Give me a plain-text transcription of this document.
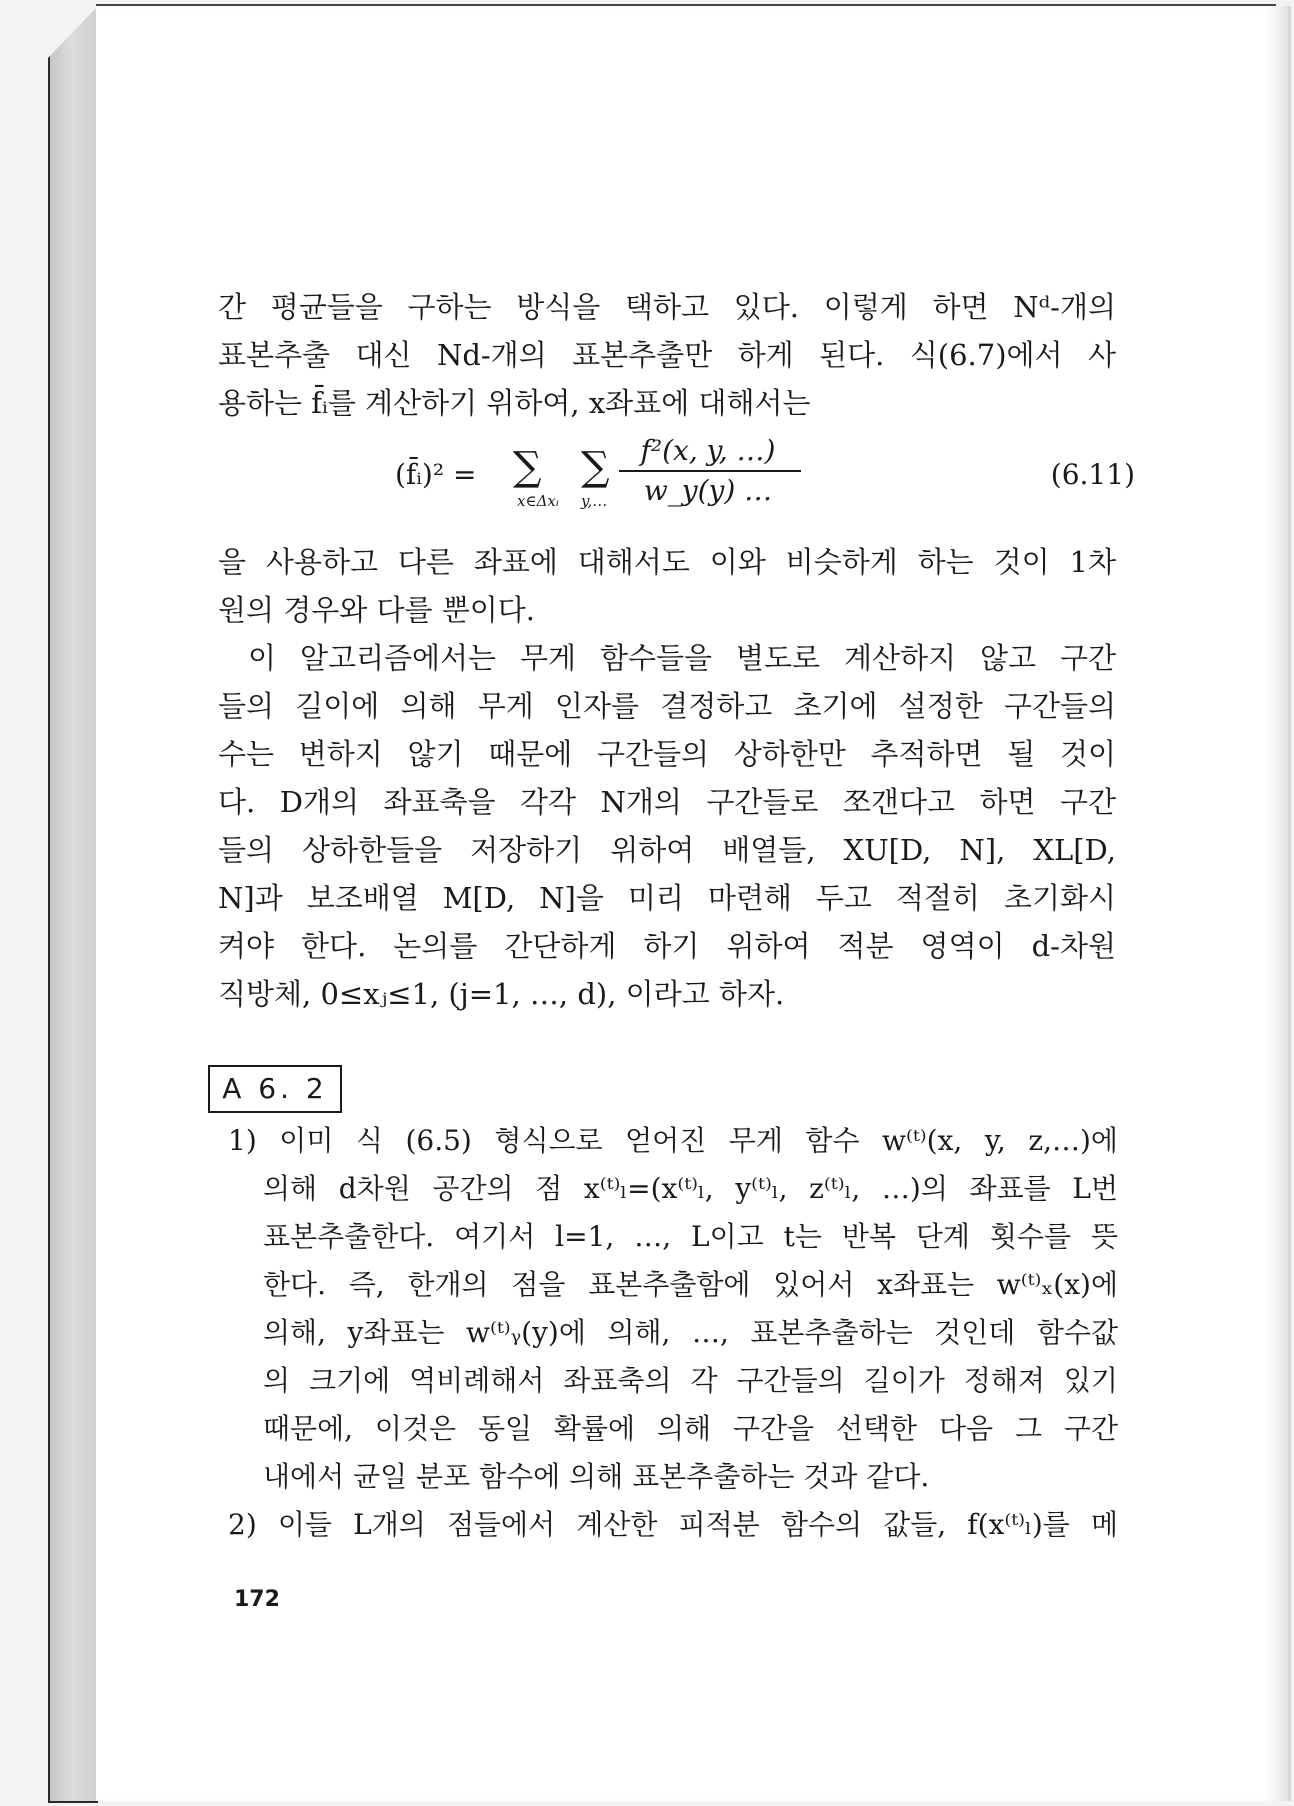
간 평균들을 구하는 방식을 택하고 있다. 이렇게 하면 Nᵈ-개의
표본추출 대신 Nd-개의 표본추출만 하게 된다. 식(6.7)에서 사
용하는 f̄ᵢ를 계산하기 위하여, x좌표에 대해서는
(f̄ᵢ)² = ∑
x∈Δxᵢ
∑
y,…
f²(x, y, …)
w_y(y) …	(6.11)
을 사용하고 다른 좌표에 대해서도 이와 비슷하게 하는 것이 1차
원의 경우와 다를 뿐이다.
이 알고리즘에서는 무게 함수들을 별도로 계산하지 않고 구간
들의 길이에 의해 무게 인자를 결정하고 초기에 설정한 구간들의
수는 변하지 않기 때문에 구간들의 상하한만 추적하면 될 것이
다. D개의 좌표축을 각각 N개의 구간들로 쪼갠다고 하면 구간
들의 상하한들을 저장하기 위하여 배열들, XU[D, N], XL[D,
N]과 보조배열 M[D, N]을 미리 마련해 두고 적절히 초기화시
켜야 한다. 논의를 간단하게 하기 위하여 적분 영역이 d-차원
직방체, 0≤xⱼ≤1, (j=1, …, d), 이라고 하자.
A 6. 2
1) 이미 식 (6.5) 형식으로 얻어진 무게 함수 w⁽ᵗ⁾(x, y, z,…)에
의해 d차원 공간의 점 x⁽ᵗ⁾ₗ=(x⁽ᵗ⁾ₗ, y⁽ᵗ⁾ₗ, z⁽ᵗ⁾ₗ, …)의 좌표를 L번
표본추출한다. 여기서 l=1, …, L이고 t는 반복 단계 횟수를 뜻
한다. 즉, 한개의 점을 표본추출함에 있어서 x좌표는 w⁽ᵗ⁾ₓ(x)에
의해, y좌표는 w⁽ᵗ⁾ᵧ(y)에 의해, …, 표본추출하는 것인데 함수값
의 크기에 역비례해서 좌표축의 각 구간들의 길이가 정해져 있기
때문에, 이것은 동일 확률에 의해 구간을 선택한 다음 그 구간
내에서 균일 분포 함수에 의해 표본추출하는 것과 같다.
2) 이들 L개의 점들에서 계산한 피적분 함수의 값들, f(x⁽ᵗ⁾ₗ)를 메
172
